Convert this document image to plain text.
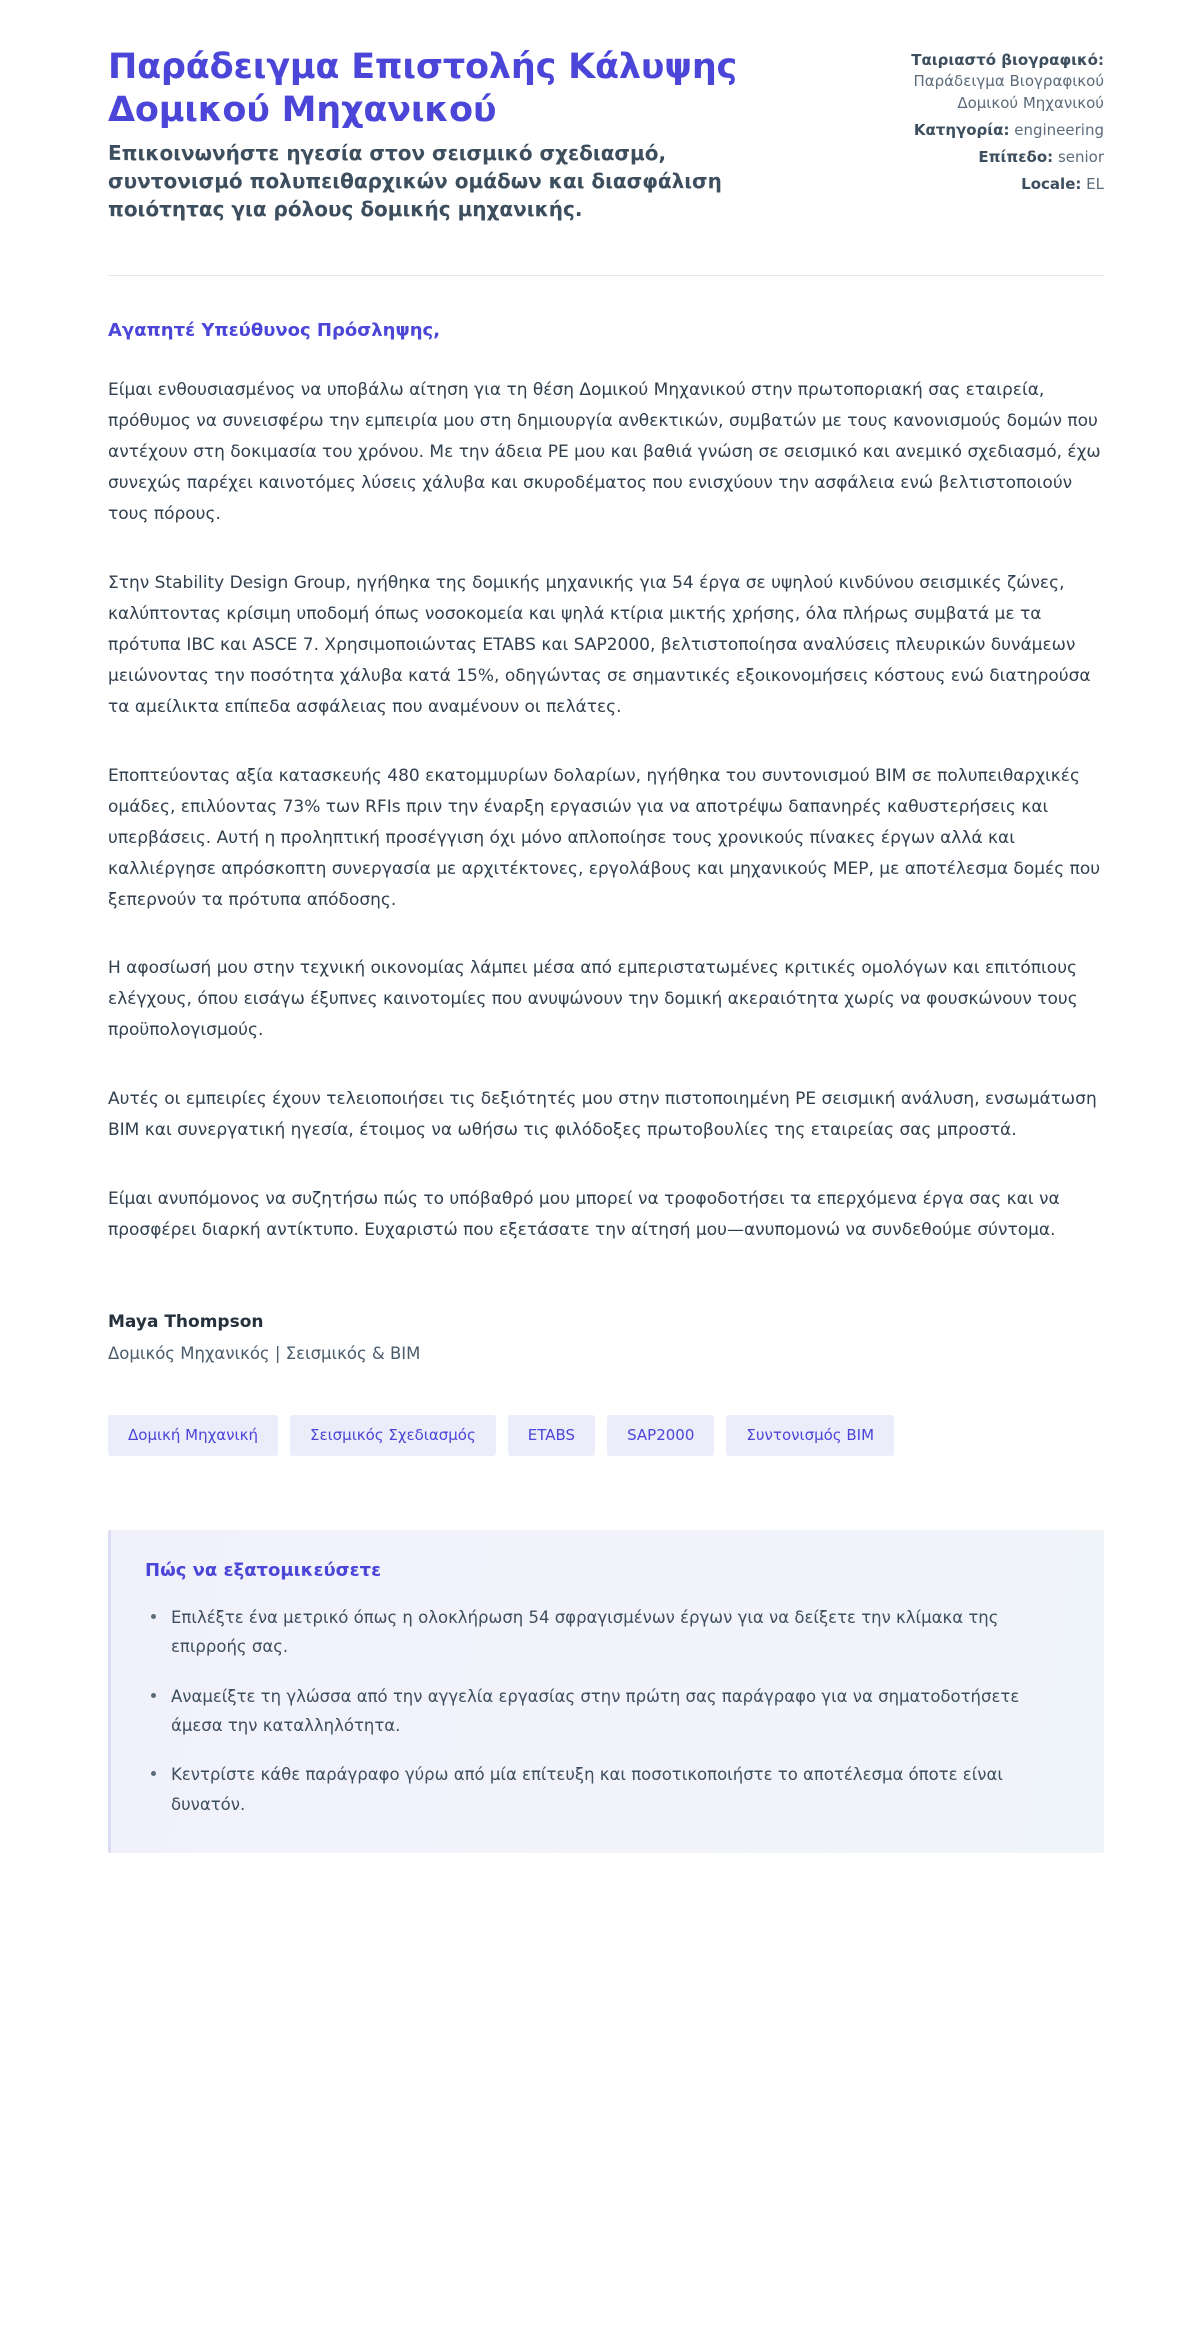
Παράδειγμα Επιστολής Κάλυψης Δομικού Μηχανικού

Επικοινωνήστε ηγεσία στον σεισμικό σχεδιασμό, συντονισμό πολυπειθαρχικών ομάδων και διασφάλιση ποιότητας για ρόλους δομικής μηχανικής.

Ταιριαστό βιογραφικό: Παράδειγμα Βιογραφικού Δομικού Μηχανικού
Κατηγορία: engineering
Επίπεδο: senior
Locale: EL

Αγαπητέ Υπεύθυνος Πρόσληψης,

Είμαι ενθουσιασμένος να υποβάλω αίτηση για τη θέση Δομικού Μηχανικού στην πρωτοποριακή σας εταιρεία, πρόθυμος να συνεισφέρω την εμπειρία μου στη δημιουργία ανθεκτικών, συμβατών με τους κανονισμούς δομών που αντέχουν στη δοκιμασία του χρόνου. Με την άδεια PE μου και βαθιά γνώση σε σεισμικό και ανεμικό σχεδιασμό, έχω συνεχώς παρέχει καινοτόμες λύσεις χάλυβα και σκυροδέματος που ενισχύουν την ασφάλεια ενώ βελτιστοποιούν τους πόρους.

Στην Stability Design Group, ηγήθηκα της δομικής μηχανικής για 54 έργα σε υψηλού κινδύνου σεισμικές ζώνες, καλύπτοντας κρίσιμη υποδομή όπως νοσοκομεία και ψηλά κτίρια μικτής χρήσης, όλα πλήρως συμβατά με τα πρότυπα IBC και ASCE 7. Χρησιμοποιώντας ETABS και SAP2000, βελτιστοποίησα αναλύσεις πλευρικών δυνάμεων μειώνοντας την ποσότητα χάλυβα κατά 15%, οδηγώντας σε σημαντικές εξοικονομήσεις κόστους ενώ διατηρούσα τα αμείλικτα επίπεδα ασφάλειας που αναμένουν οι πελάτες.

Εποπτεύοντας αξία κατασκευής 480 εκατομμυρίων δολαρίων, ηγήθηκα του συντονισμού BIM σε πολυπειθαρχικές ομάδες, επιλύοντας 73% των RFIs πριν την έναρξη εργασιών για να αποτρέψω δαπανηρές καθυστερήσεις και υπερβάσεις. Αυτή η προληπτική προσέγγιση όχι μόνο απλοποίησε τους χρονικούς πίνακες έργων αλλά και καλλιέργησε απρόσκοπτη συνεργασία με αρχιτέκτονες, εργολάβους και μηχανικούς MEP, με αποτέλεσμα δομές που ξεπερνούν τα πρότυπα απόδοσης.

Η αφοσίωσή μου στην τεχνική οικονομίας λάμπει μέσα από εμπεριστατωμένες κριτικές ομολόγων και επιτόπιους ελέγχους, όπου εισάγω έξυπνες καινοτομίες που ανυψώνουν την δομική ακεραιότητα χωρίς να φουσκώνουν τους προϋπολογισμούς.

Αυτές οι εμπειρίες έχουν τελειοποιήσει τις δεξιότητές μου στην πιστοποιημένη PE σεισμική ανάλυση, ενσωμάτωση BIM και συνεργατική ηγεσία, έτοιμος να ωθήσω τις φιλόδοξες πρωτοβουλίες της εταιρείας σας μπροστά.

Είμαι ανυπόμονος να συζητήσω πώς το υπόβαθρό μου μπορεί να τροφοδοτήσει τα επερχόμενα έργα σας και να προσφέρει διαρκή αντίκτυπο. Ευχαριστώ που εξετάσατε την αίτησή μου—ανυπομονώ να συνδεθούμε σύντομα.

Maya Thompson

Δομικός Μηχανικός | Σεισμικός & BIM

Δομική Μηχανική	Σεισμικός Σχεδιασμός	ETABS	SAP2000	Συντονισμός BIM
Πώς να εξατομικεύσετε
Επιλέξτε ένα μετρικό όπως η ολοκλήρωση 54 σφραγισμένων έργων για να δείξετε την κλίμακα της επιρροής σας.
Αναμείξτε τη γλώσσα από την αγγελία εργασίας στην πρώτη σας παράγραφο για να σηματοδοτήσετε άμεσα την καταλληλότητα.
Κεντρίστε κάθε παράγραφο γύρω από μία επίτευξη και ποσοτικοποιήστε το αποτέλεσμα όποτε είναι δυνατόν.
